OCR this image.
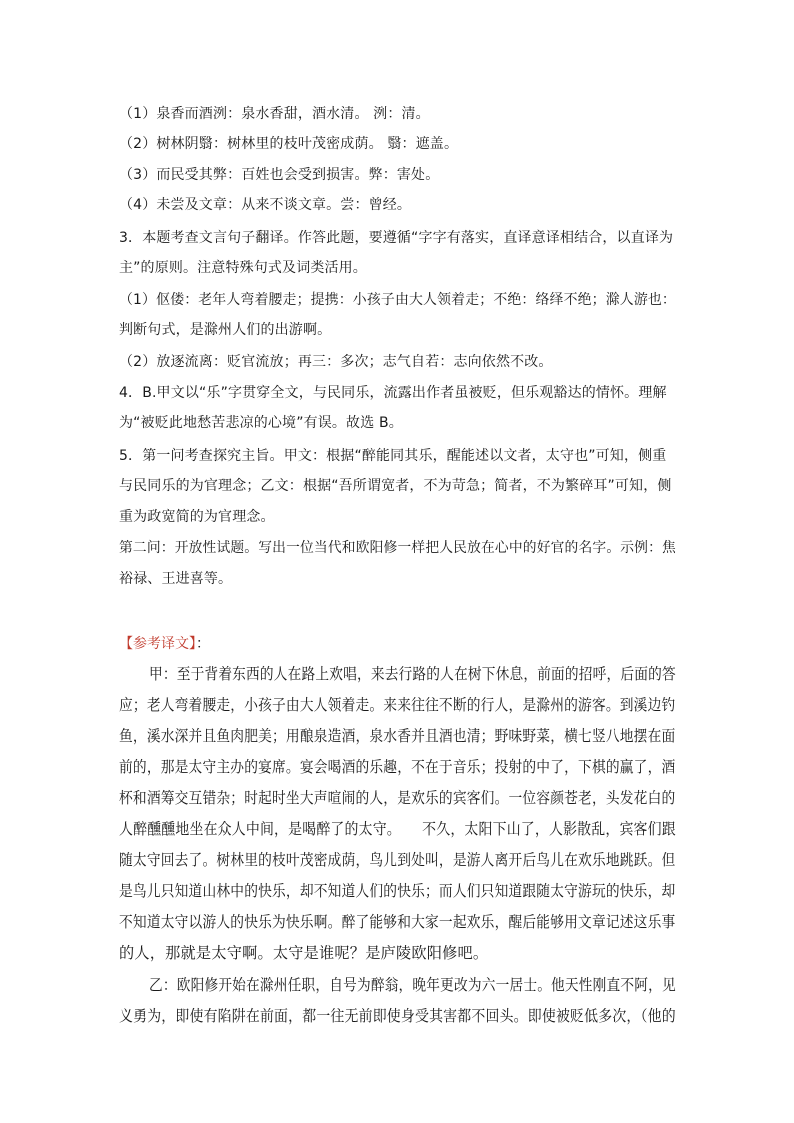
（1）泉香而酒洌：泉水香甜，酒水清。 洌：清。
（2）树林阴翳：树林里的枝叶茂密成荫。 翳：遮盖。
（3）而民受其弊：百姓也会受到损害。弊：害处。
（4）未尝及文章：从来不谈文章。尝：曾经。
3．本题考查文言句子翻译。作答此题，要遵循“字字有落实，直译意译相结合，以直译为
主”的原则。注意特殊句式及词类活用。
（1）伛偻：老年人弯着腰走；提携：小孩子由大人领着走；不绝：络绎不绝；滁人游也：
判断句式，是滁州人们的出游啊。
（2）放逐流离：贬官流放；再三：多次；志气自若：志向依然不改。
4．B.甲文以“乐”字贯穿全文，与民同乐，流露出作者虽被贬，但乐观豁达的情怀。理解
为“被贬此地愁苦悲凉的心境”有误。故选 B。
5．第一问考查探究主旨。甲文：根据“醉能同其乐，醒能述以文者，太守也”可知，侧重
与民同乐的为官理念；乙文：根据“吾所谓宽者，不为苛急；简者，不为繁碎耳”可知，侧
重为政宽简的为官理念。
第二问：开放性试题。写出一位当代和欧阳修一样把人民放在心中的好官的名字。示例：焦
裕禄、王进喜等。
【参考译文】：
甲：至于背着东西的人在路上欢唱，来去行路的人在树下休息，前面的招呼，后面的答
应；老人弯着腰走，小孩子由大人领着走。来来往往不断的行人，是滁州的游客。到溪边钓
鱼，溪水深并且鱼肉肥美；用酿泉造酒，泉水香并且酒也清；野味野菜，横七竖八地摆在面
前的，那是太守主办的宴席。宴会喝酒的乐趣，不在于音乐；投射的中了，下棋的赢了，酒
杯和酒筹交互错杂；时起时坐大声喧闹的人，是欢乐的宾客们。一位容颜苍老，头发花白的
人醉醺醺地坐在众人中间，是喝醉了的太守。　　不久，太阳下山了，人影散乱，宾客们跟
随太守回去了。树林里的枝叶茂密成荫，鸟儿到处叫，是游人离开后鸟儿在欢乐地跳跃。但
是鸟儿只知道山林中的快乐，却不知道人们的快乐；而人们只知道跟随太守游玩的快乐，却
不知道太守以游人的快乐为快乐啊。醉了能够和大家一起欢乐，醒后能够用文章记述这乐事
的人，那就是太守啊。太守是谁呢？是庐陵欧阳修吧。
乙：欧阳修开始在滁州任职，自号为醉翁，晚年更改为六一居士。他天性刚直不阿，见
义勇为，即使有陷阱在前面，都一往无前即使身受其害都不回头。即使被贬低多次，（他的
